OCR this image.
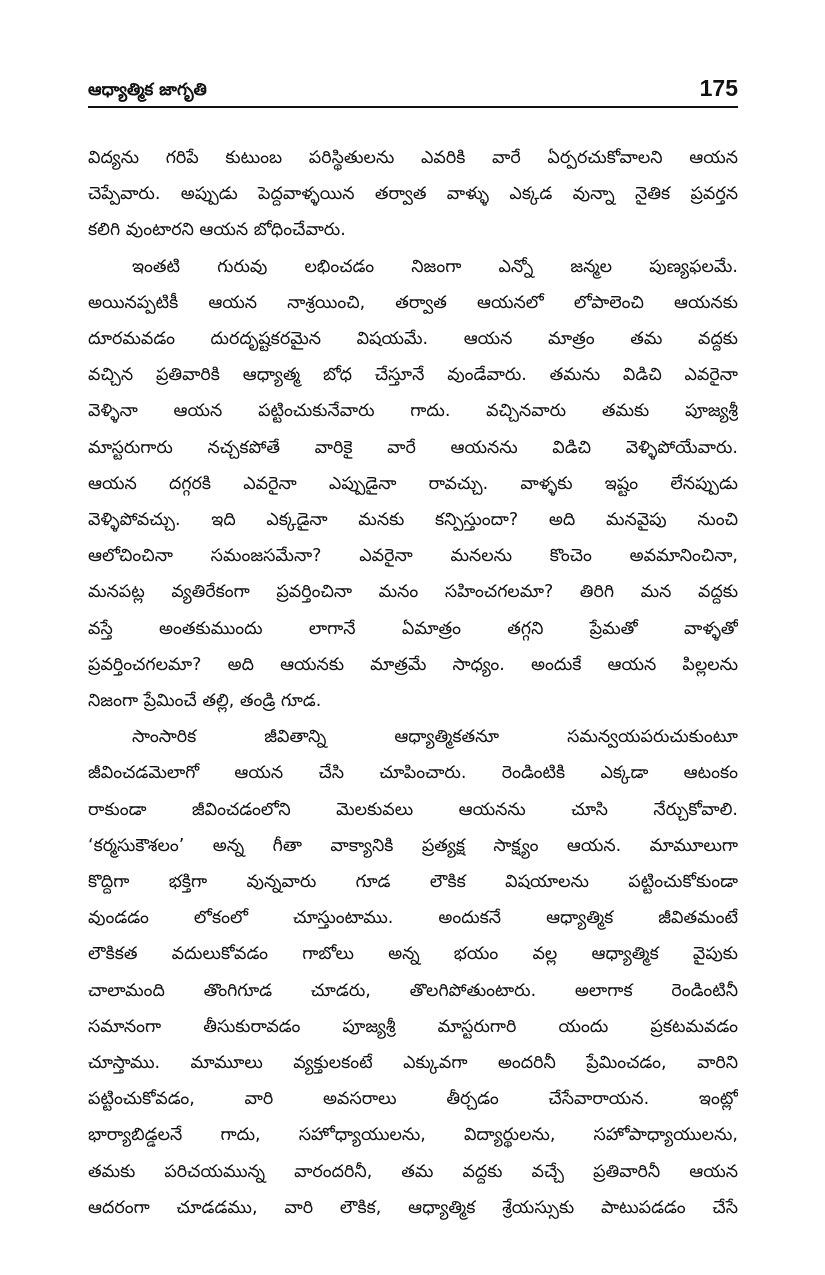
ఆధ్యాత్మిక జాగృతి	175

విద్యను గరిపే కుటుంబ పరిస్థితులను ఎవరికి వారే ఏర్పరచుకోవాలని ఆయన
చెప్పేవారు. అప్పుడు పెద్దవాళ్ళయిన తర్వాత వాళ్ళు ఎక్కడ వున్నా నైతిక ప్రవర్తన
కలిగి వుంటారని ఆయన బోధించేవారు.

ఇంతటి గురువు లభించడం నిజంగా ఎన్నో జన్మల పుణ్యఫలమే.
అయినప్పటికీ ఆయన నాశ్రయించి, తర్వాత ఆయనలో లోపాలెంచి ఆయనకు
దూరమవడం దురదృష్టకరమైన విషయమే. ఆయన మాత్రం తమ వద్దకు
వచ్చిన ప్రతివారికి ఆధ్యాత్మ బోధ చేస్తూనే వుండేవారు. తమను విడిచి ఎవరైనా
వెళ్ళినా ఆయన పట్టించుకునేవారు గాదు. వచ్చినవారు తమకు పూజ్యశ్రీ
మాస్టరుగారు నచ్చకపోతే వారికై వారే ఆయనను విడిచి వెళ్ళిపోయేవారు.
ఆయన దగ్గరకి ఎవరైనా ఎప్పుడైనా రావచ్చు. వాళ్ళకు ఇష్టం లేనప్పుడు
వెళ్ళిపోవచ్చు. ఇది ఎక్కడైనా మనకు కన్పిస్తుందా? అది మనవైపు నుంచి
ఆలోచించినా సమంజసమేనా? ఎవరైనా మనలను కొంచెం అవమానించినా,
మనపట్ల వ్యతిరేకంగా ప్రవర్తించినా మనం సహించగలమా? తిరిగి మన వద్దకు
వస్తే అంతకుముందు లాగానే ఏమాత్రం తగ్గని ప్రేమతో వాళ్ళతో
ప్రవర్తించగలమా? అది ఆయనకు మాత్రమే సాధ్యం. అందుకే ఆయన పిల్లలను
నిజంగా ప్రేమించే తల్లి, తండ్రి గూడ.

సాంసారిక జీవితాన్ని ఆధ్యాత్మికతనూ సమన్వయపరుచుకుంటూ
జీవించడమెలాగో ఆయన చేసి చూపించారు. రెండింటికి ఎక్కడా ఆటంకం
రాకుండా జీవించడంలోని మెలకువలు ఆయనను చూసి నేర్చుకోవాలి.
‘కర్మసుకౌశలం’ అన్న గీతా వాక్యానికి ప్రత్యక్ష సాక్ష్యం ఆయన. మామూలుగా
కొద్దిగా భక్తిగా వున్నవారు గూడ లౌకిక విషయాలను పట్టించుకోకుండా
వుండడం లోకంలో చూస్తుంటాము. అందుకనే ఆధ్యాత్మిక జీవితమంటే
లౌకికత వదులుకోవడం గాబోలు అన్న భయం వల్ల ఆధ్యాత్మిక వైపుకు
చాలామంది తొంగిగూడ చూడరు, తొలగిపోతుంటారు. అలాగాక రెండింటినీ
సమానంగా తీసుకురావడం పూజ్యశ్రీ మాస్టరుగారి యందు ప్రకటమవడం
చూస్తాము. మామూలు వ్యక్తులకంటే ఎక్కువగా అందరినీ ప్రేమించడం, వారిని
పట్టించుకోవడం, వారి అవసరాలు తీర్చడం చేసేవారాయన. ఇంట్లో
భార్యాబిడ్డలనే గాదు, సహోధ్యాయులను, విద్యార్థులను, సహోపాధ్యాయులను,
తమకు పరిచయమున్న వారందరినీ, తమ వద్దకు వచ్చే ప్రతివారినీ ఆయన
ఆదరంగా చూడడము, వారి లౌకిక, ఆధ్యాత్మిక శ్రేయస్సుకు పాటుపడడం చేసే
